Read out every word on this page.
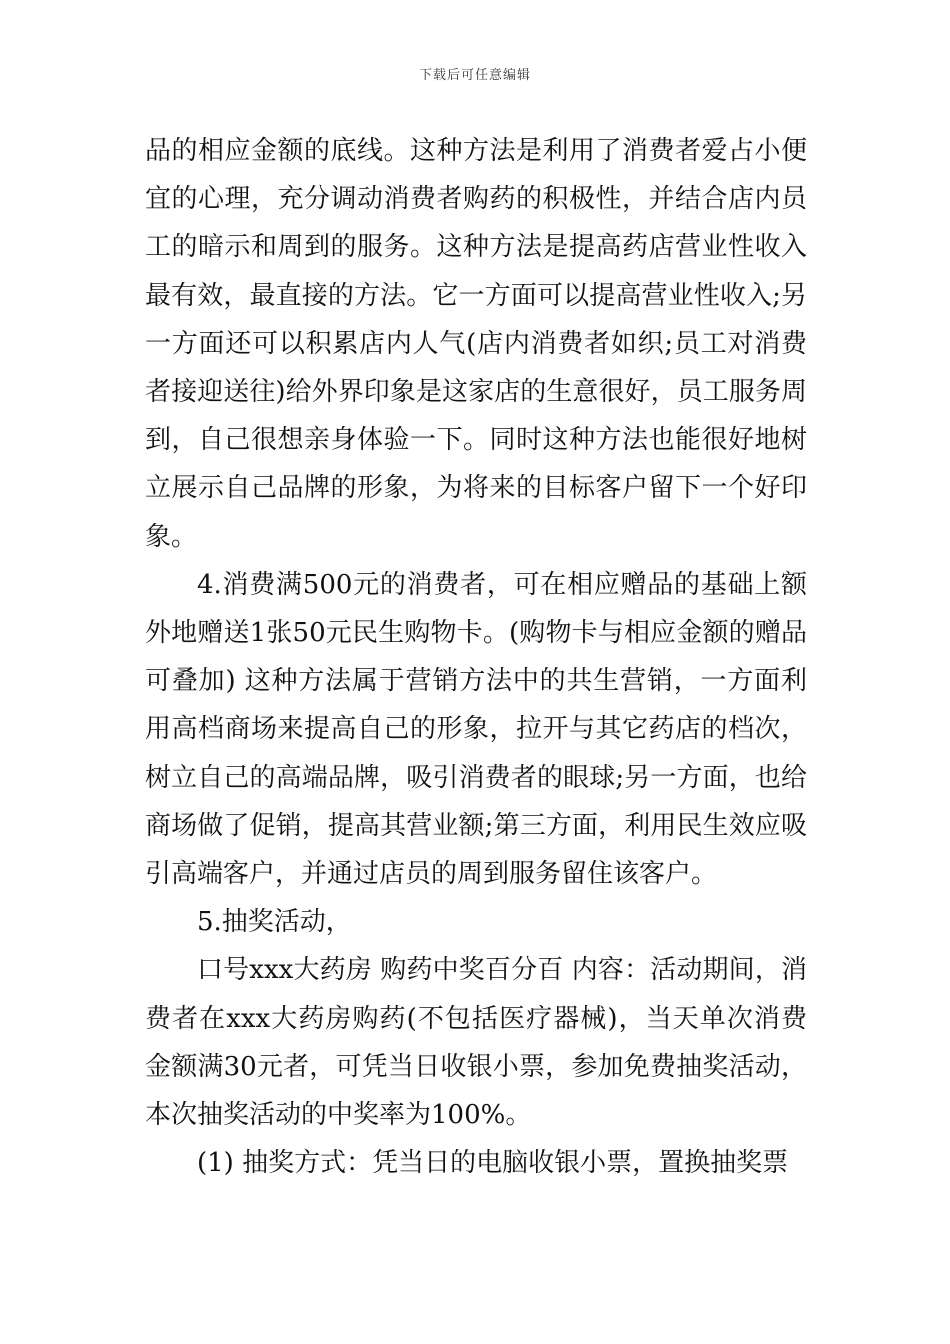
下载后可任意编辑

品的相应金额的底线。这种方法是利用了消费者爱占小便宜的心理，充分调动消费者购药的积极性，并结合店内员工的暗示和周到的服务。这种方法是提高药店营业性收入最有效，最直接的方法。它一方面可以提高营业性收入;另一方面还可以积累店内人气(店内消费者如织;员工对消费者接迎送往)给外界印象是这家店的生意很好，员工服务周到，自己很想亲身体验一下。同时这种方法也能很好地树立展示自己品牌的形象，为将来的目标客户留下一个好印象。

4.消费满500元的消费者，可在相应赠品的基础上额外地赠送1张50元民生购物卡。(购物卡与相应金额的赠品可叠加) 这种方法属于营销方法中的共生营销，一方面利用高档商场来提高自己的形象，拉开与其它药店的档次，树立自己的高端品牌，吸引消费者的眼球;另一方面，也给商场做了促销，提高其营业额;第三方面，利用民生效应吸引高端客户，并通过店员的周到服务留住该客户。

5.抽奖活动，

口号xxx大药房 购药中奖百分百 内容：活动期间，消费者在xxx大药房购药(不包括医疗器械)，当天单次消费金额满30元者，可凭当日收银小票，参加免费抽奖活动，本次抽奖活动的中奖率为100%。

(1) 抽奖方式：凭当日的电脑收银小票，置换抽奖票
